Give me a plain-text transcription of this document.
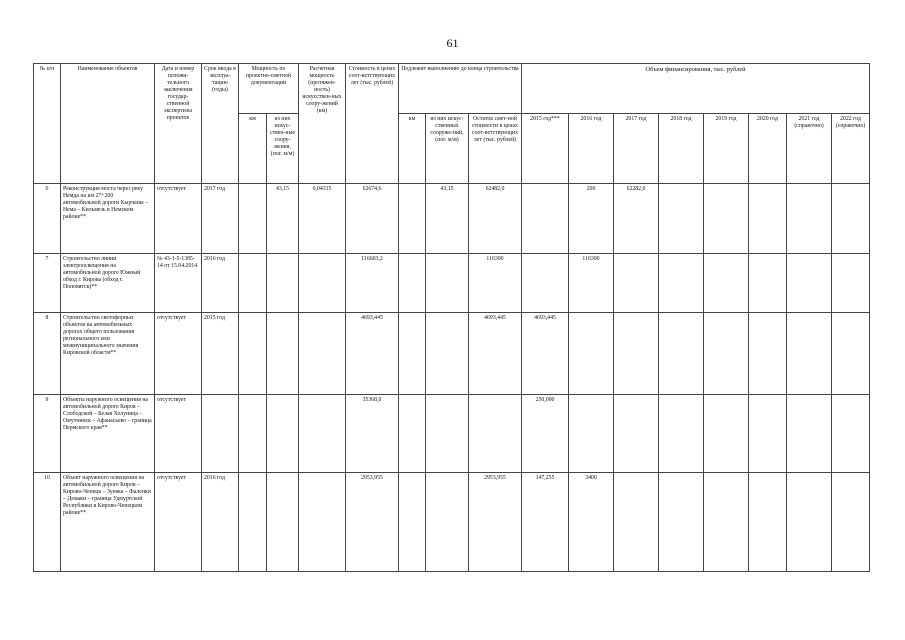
61
№ п/п	Наименование объектов	Дата и номер положи-тельного заключения государ-ственной экспертизы проектов	Срок ввода в эксплуа-тацию (годы)	Мощность по проектно-сметной документации		Расчетная мощность (протяжен-ность) искусствен-ных соору-жений (км)	Стоимость в ценах соот-ветствующих лет (тыс. рублей)	Подлежит выполнению до конца строительства			Объем финансирования, тыс. рублей							
				км	из них искус-ствен-ные соору-жения, (пог. м/м)			км	из них искус-ственных сооруже-ний, (пог. м/м)	Остаток смет-ной стоимости в ценах соот-ветствующих лет (тыс. рублей)	2015 год***	2016 год	2017 год	2018 год	2019 год	2020 год	2021 год (справочно)	2022 год (справочно)
6	Реконструкция моста через реку Немда на км 27+200 автомобильной дороги Кырчаны – Нема – Кильмезь в Немском районе**	отсутствует	2017 год		43,15	0,04315	62674,6		43,15	62482,0		200	62282,0					
7	Строительство линии электроосвещения на автомобильной дороге Южный обход г. Кирова (обход г. Поповятск)**	№ 43-1-5-1385-14 от 15.04.2014	2016 год				116603,2			116300		116300						
8	Строительство светофорных объектов на автомобильных дорогах общего пользования регионального или межмуниципального значения Кировской области**	отсутствует	2015 год				4693,445			4693,445	4693,445							
9	Объекты наружного освещения на автомобильной дороге Киров – Слободской – Белая Холуница – Омутнинск – Афанасьево – граница Пермского края**	отсутствует					35368,0				250,000							
10	Объект наружного освещения на автомобильной дороге Киров – Кирово-Чепецк – Зуевка – Фаленки – Демаки – граница Удмуртской Республики в Кирово-Чепецком районе**	отсутствует	2016 год				2953,955			2953,955	147,255	3400						
